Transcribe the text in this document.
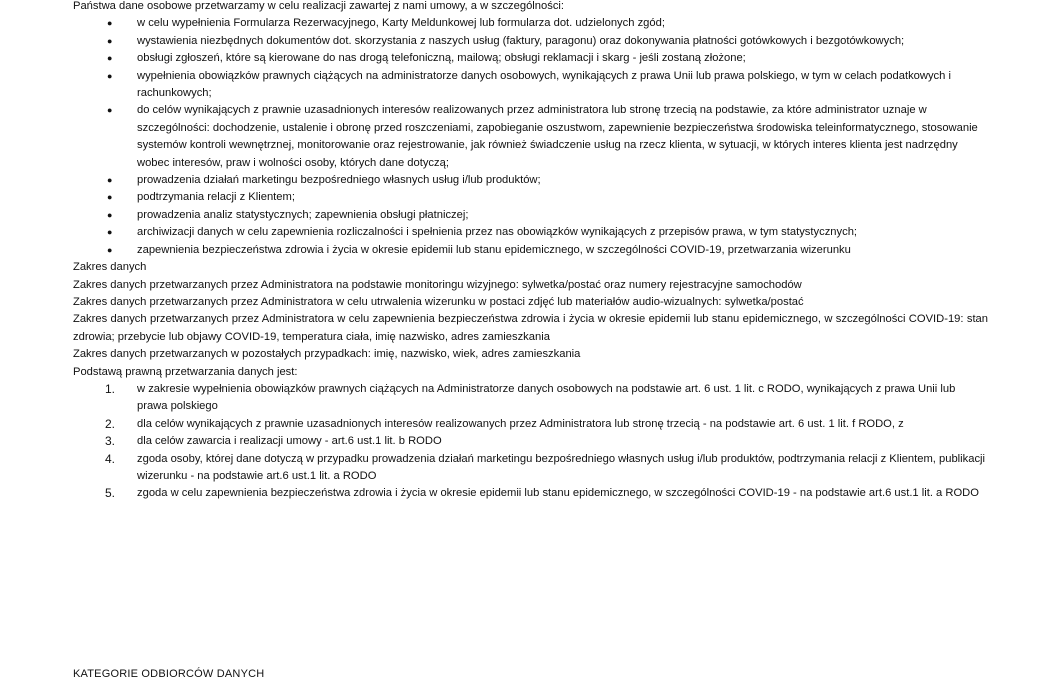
Państwa dane osobowe przetwarzamy w celu realizacji zawartej z nami umowy, a w szczególności:
● w celu wypełnienia Formularza Rezerwacyjnego, Karty Meldunkowej lub formularza dot. udzielonych zgód;
● wystawienia niezbędnych dokumentów dot. skorzystania z naszych usług (faktury, paragonu) oraz dokonywania płatności gotówkowych i bezgotówkowych;
● obsługi zgłoszeń, które są kierowane do nas drogą telefoniczną, mailową; obsługi reklamacji i skarg - jeśli zostaną złożone;
● wypełnienia obowiązków prawnych ciążących na administratorze danych osobowych, wynikających z prawa Unii lub prawa polskiego, w tym w celach podatkowych i rachunkowych;
● do celów wynikających z prawnie uzasadnionych interesów realizowanych przez administratora lub stronę trzecią na podstawie, za które administrator uznaje w szczególności: dochodzenie, ustalenie i obronę przed roszczeniami, zapobieganie oszustwom, zapewnienie bezpieczeństwa środowiska teleinformatycznego, stosowanie systemów kontroli wewnętrznej, monitorowanie oraz rejestrowanie, jak również świadczenie usług na rzecz klienta, w sytuacji, w których interes klienta jest nadrzędny wobec interesów, praw i wolności osoby, których dane dotyczą;
● prowadzenia działań marketingu bezpośredniego własnych usług i/lub produktów;
● podtrzymania relacji z Klientem;
● prowadzenia analiz statystycznych; zapewnienia obsługi płatniczej;
● archiwizacji danych w celu zapewnienia rozliczalności i spełnienia przez nas obowiązków wynikających z przepisów prawa, w tym statystycznych;
● zapewnienia bezpieczeństwa zdrowia i życia w okresie epidemii lub stanu epidemicznego, w szczególności COVID-19, przetwarzania wizerunku
Zakres danych
Zakres danych przetwarzanych przez Administratora na podstawie monitoringu wizyjnego: sylwetka/postać oraz numery rejestracyjne samochodów
Zakres danych przetwarzanych przez Administratora w celu utrwalenia wizerunku w postaci zdjęć lub materiałów audio-wizualnych: sylwetka/postać
Zakres danych przetwarzanych przez Administratora w celu zapewnienia bezpieczeństwa zdrowia i życia w okresie epidemii lub stanu epidemicznego, w szczególności COVID-19: stan zdrowia; przebycie lub objawy COVID-19, temperatura ciała, imię nazwisko, adres zamieszkania
Zakres danych przetwarzanych w pozostałych przypadkach: imię, nazwisko, wiek, adres zamieszkania
Podstawą prawną przetwarzania danych jest:
1. w zakresie wypełnienia obowiązków prawnych ciążących na Administratorze danych osobowych na podstawie art. 6 ust. 1 lit. c RODO, wynikających z prawa Unii lub prawa polskiego
2. dla celów wynikających z prawnie uzasadnionych interesów realizowanych przez Administratora lub stronę trzecią - na podstawie art. 6 ust. 1 lit. f RODO, z
3. dla celów zawarcia i realizacji umowy - art.6 ust.1 lit. b RODO
4. zgoda osoby, której dane dotyczą w przypadku prowadzenia działań marketingu bezpośredniego własnych usług i/lub produktów, podtrzymania relacji z Klientem, publikacji wizerunku - na podstawie art.6 ust.1 lit. a RODO
5. zgoda w celu zapewnienia bezpieczeństwa zdrowia i życia w okresie epidemii lub stanu epidemicznego, w szczególności COVID-19 - na podstawie art.6 ust.1 lit. a RODO
KATEGORIE ODBIORCÓW DANYCH
